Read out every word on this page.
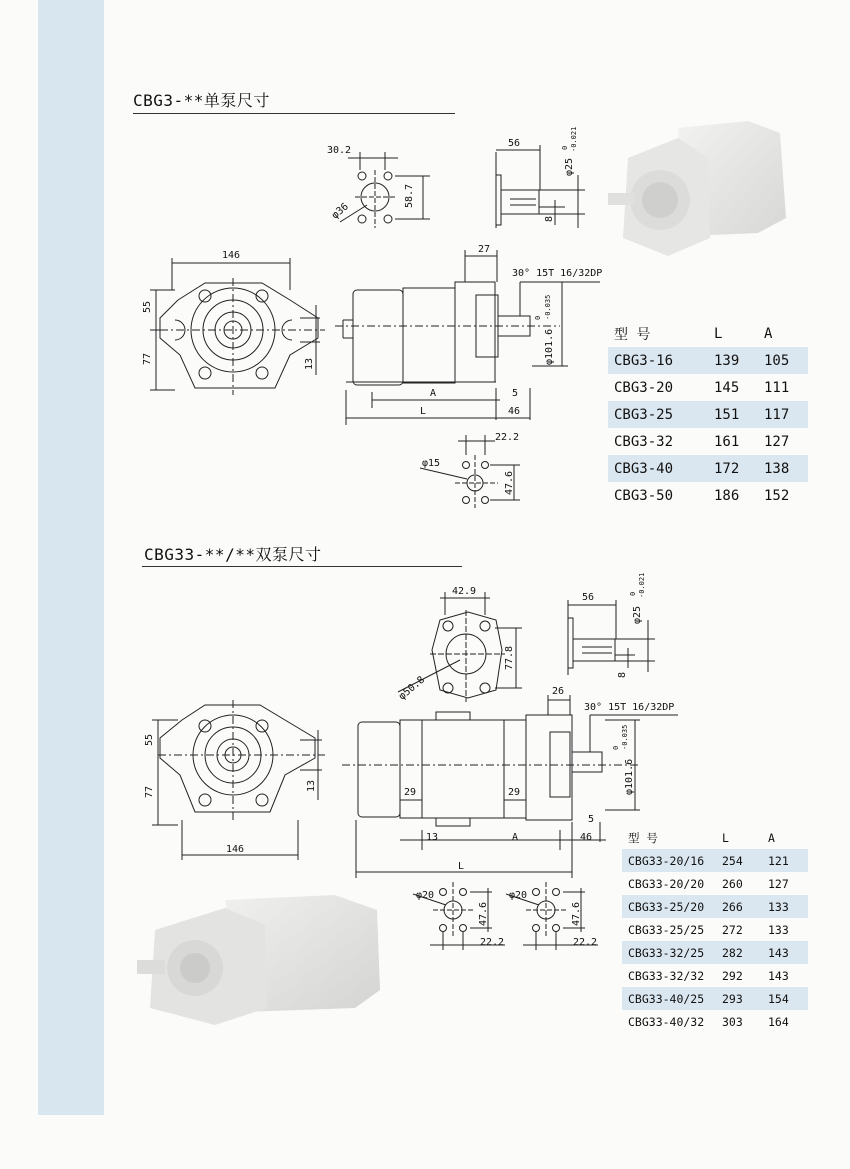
CBG3-**单泵尺寸
30.2
58.7
φ36
56
φ25
0 -0.021
8
146
55
77	13
27
30° 15T 16/32DP
φ101.6
0 -0.035
A
L
5
46
22.2
φ15
47.6
型 号	L	A
CBG3-16	139	105
CBG3-20	145	111
CBG3-25	151	117
CBG3-32	161	127
CBG3-40	172	138
CBG3-50	186	152
CBG33-**/**双泵尺寸
42.9
77.8
φ50.8
56
φ25
0 -0.021
8
26
30° 15T 16/32DP
55
77	13
29	29	φ101.6
0 -0.035
5
146
13	A	46
L
φ20
47.6
22.2
φ20
47.6
22.2
型 号	L	A
CBG33-20/16	254	121
CBG33-20/20	260	127
CBG33-25/20	266	133
CBG33-25/25	272	133
CBG33-32/25	282	143
CBG33-32/32	292	143
CBG33-40/25	293	154
CBG33-40/32	303	164
